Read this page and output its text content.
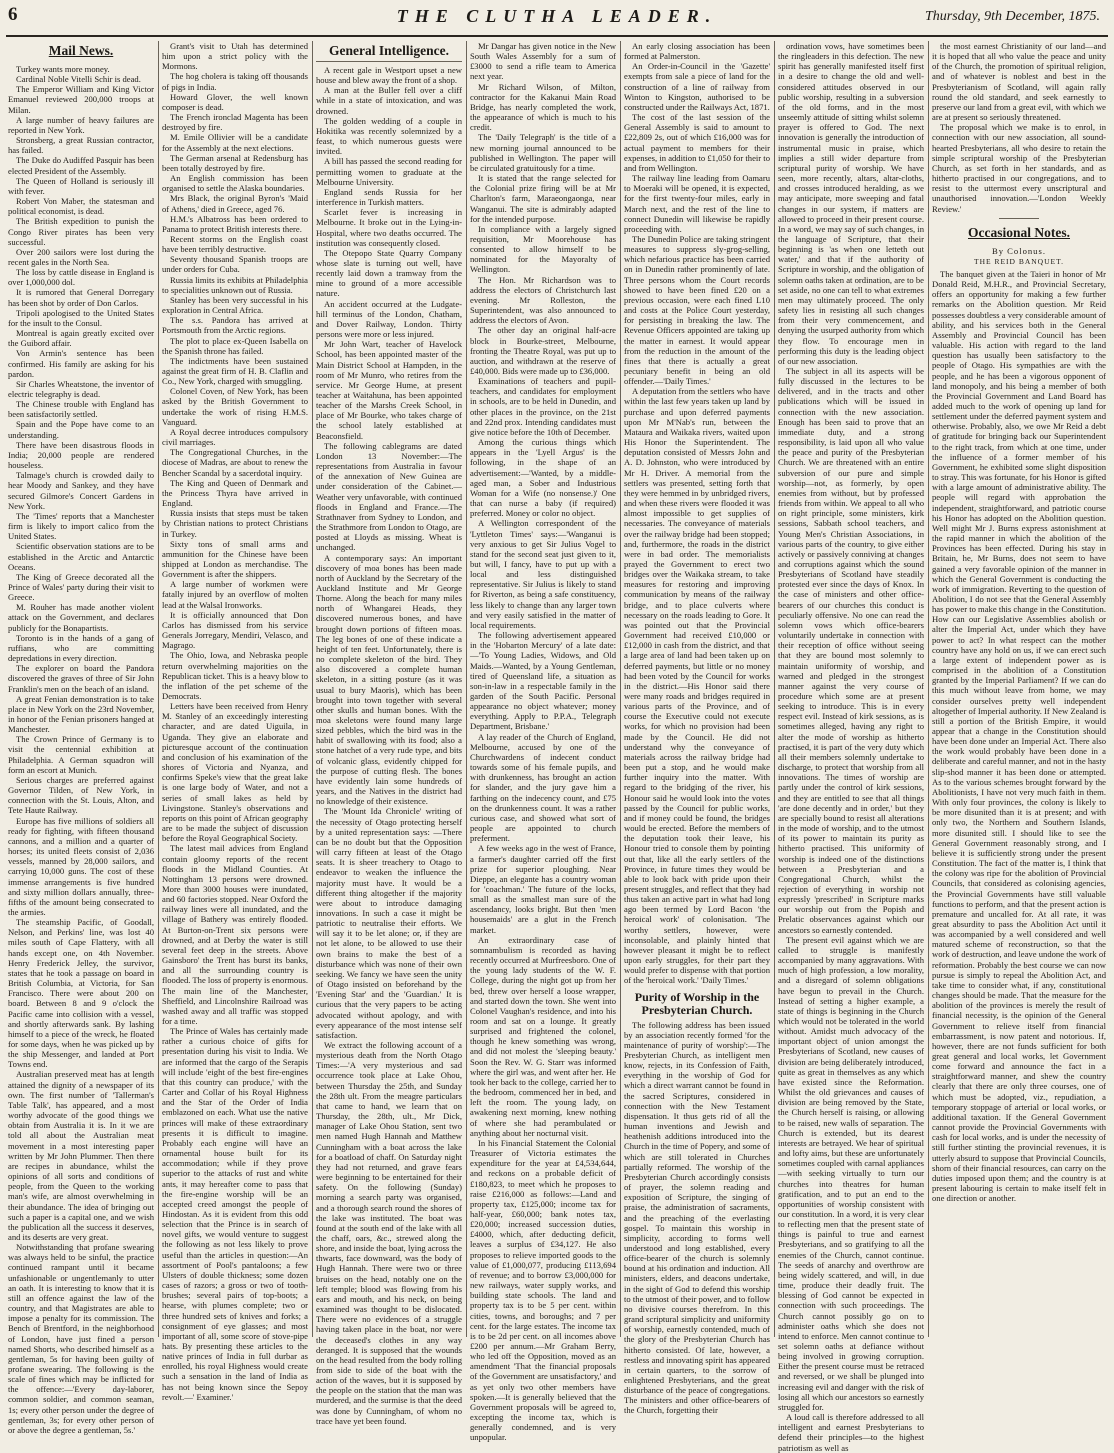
6	THE CLUTHA LEADER.	Thursday, 9th December, 1875.
Mail News.

Turkey wants more money.

Cardinal Noble Vitelli Schir is dead.

The Emperor William and King Victor Emanuel reviewed 200,000 troops at Milan.

A large number of heavy failures are reported in New York.

Stronsberg, a great Russian contractor, has failed.

The Duke do Audiffed Pasquir has been elected President of the Assembly.

The Queen of Holland is seriously ill with fever.

Robert Von Maber, the statesman and political economist, is dead.

The British expedition to punish the Congo River pirates has been very successful.

Over 200 sailors were lost during the recent gales in the North Sea.

The loss by cattle disease in England is over 1,000,000 dol.

It is rumored that General Dorregary has been shot by order of Don Carlos.

Tripoli apologised to the United States for the insult to the Consul.

Montreal is again greatly excited over the Guibord affair.

Von Armin's sentence has been confirmed. His family are asking for his pardon.

Sir Charles Wheatstone, the inventor of electric telegraphy is dead.

The Chinese trouble with England has been satisfactorily settled.

Spain and the Pope have come to an understanding.

There have been disastrous floods in India; 20,000 people are rendered houseless.

Talmage's church is crowded daily to hear Moody and Sankey, and they have secured Gilmore's Concert Gardens in New York.

The 'Times' reports that a Manchester firm is likely to import calico from the United States.

Scientific observation stations are to be established in the Arctic and Antarctic Oceans.

The King of Greece decorated all the Prince of Wales' party during their visit to Greece.

M. Rouher has made another violent attack on the Government, and declares publicly for the Bonapartists.

Toronto is in the hands of a gang of ruffians, who are committing depredations in every direction.

The explorer on board the Pandora discovered the graves of three of Sir John Franklin's men on the beach of an island.

A great Fenian demonstration is to take place in New York on the 23rd November, in honor of the Fenian prisoners hanged at Manchester.

The Crown Prince of Germany is to visit the centennial exhibition at Philadelphia. A German squadron will form an escort at Munich.

Serious charges are preferred against Governor Tilden, of New York, in connection with the St. Louis, Alton, and Tete Haute Railway.

Europe has five millions of soldiers all ready for fighting, with fifteen thousand cannons, and a million and a quarter of horses; its united fleets consist of 2,036 vessels, manned by 28,000 sailors, and carrying 10,000 guns. The cost of these immense arrangements is five hundred and sixty million dollars annually, three-fifths of the amount being consecrated to the armies.

The steamship Pacific, of Goodall, Nelson, and Perkins' line, was lost 40 miles south of Cape Flattery, with all hands except one, on 4th November. Henry Frederick Jelley, the survivor, states that he took a passage on board in British Columbia, at Victoria, for San Francisco. There were about 200 on board. Between 8 and 9 o'clock the Pacific came into collision with a vessel, and shortly afterwards sank. By lashing himself to a piece of the wreck, he floated for some days, when he was picked up by the ship Messenger, and landed at Port Towns end.

Australian preserved meat has at length attained the dignity of a newspaper of its own. The first number of 'Tallerman's Table Talk', has appeared, and a most worthy advocate of the good things we obtain from Australia it is. In it we are told all about the Australian meat movement in a most interesting paper written by Mr John Plummer. Then there are recipes in abundance, whilst the opinions of all sorts and conditions of people, from the Queen to the working man's wife, are almost overwhelming in their abundance. The idea of bringing out such a paper is a capital one, and we wish the publication all the success it deserves, and its deserts are very great.

Notwithstanding that profane swearing was always held to be sinful, the practice continued rampant until it became unfashionable or ungentlemanly to utter an oath. It is interesting to know that it is still an offence against the law of the country, and that Magistrates are able to impose a penalty for its commission. The Bench of Brentford, in the neighborhood of London, have just fined a person named Shorts, who described himself as a gentleman, 5s for having been guilty of profane swearing. The following is the scale of fines which may be inflicted for the offence:—'Every day-laborer, common soldier, and common seaman, 1s; every other person under the degree of gentleman, 3s; for every other person of or above the degree a gentleman, 5s.'

Grant's visit to Utah has determined him upon a strict policy with the Mormons.

The hog cholera is taking off thousands of pigs in India.

Howard Glover, the well known composer is dead.

The French ironclad Magenta has been destroyed by fire.

M. Emile Ollivier will be a candidate for the Assembly at the next elections.

The German arsenal at Redensburg has been totally destroyed by fire.

An English commission has been organised to settle the Alaska boundaries.

Mrs Black, the original Byron's 'Maid of Athens,' died in Greece, aged 76.

H.M.'s Albatross has been ordered to Panama to protect British interests there.

Recent storms on the English coast have been terribly destructive.

Seventy thousand Spanish troops are under orders for Cuba.

Russia limits its exhibits at Philadelphia to specialities unknown out of Russia.

Stanley has been very successful in his exploration in Central Africa.

The s.s. Pandora has arrived at Portsmouth from the Arctic regions.

The plot to place ex-Queen Isabella on the Spanish throne has failed.

The indictments have been sustained against the great firm of H. B. Claflin and Co., New York, charged with smuggling.

Colonel Coven, of New York, has been asked by the British Government to undertake the work of rising H.M.S. Vanguard.

A Royal decree introduces compulsory civil marriages.

The Congregational Churches, in the diocese of Madras, are about to renew the Bencher Scandal by a sacerdotal inquiry.

The King and Queen of Denmark and the Princess Thyra have arrived in England.

Russia insists that steps must be taken by Christian nations to protect Christians in Turkey.

Sixty tons of small arms and ammunition for the Chinese have been shipped at London as merchandise. The Government is after the shippers.

A large number of workmen were fatally injured by an overflow of molten lead at the Walsal Ironworks.

It is officially announced that Don Carlos has dismissed from his service Generals Jorregary, Mendiri, Velasco, and Magrago.

The Ohio, Iowa, and Nebraska people return overwhelming majorities on the Republican ticket. This is a heavy blow to the inflation of the pet scheme of the Democrats.

Letters have been received from Henry M. Stanley of an exceedingly interesting character, and are dated Uiguila, in Uganda. They give an elaborate and picturesque account of the continuation and conclusion of his examination of the shores of Victoria and Nyanza, and confirms Speke's view that the great lake is one large body of Water, and not a series of small lakes as held by Livingstone. Stanley's observations and reports on this point of African geography are to be made the subject of discussion before the Royal Geographical Society.

The latest mail advices from England contain gloomy reports of the recent floods in the Midland Counties. At Nottingham 13 persons were drowned. More than 3000 houses were inundated, and 60 factories stopped. Near Oxford the railway lines were all inundated, and the village of Bathery was entirely flooded. At Burton-on-Trent six persons were drowned, and at Derby the water is still several feet deep in the streets. Above Gainsboro' the Trent has burst its banks, and all the surrounding country is flooded. The loss of property is enormous. The main line of the Manchester, Sheffield, and Lincolnshire Railroad was washed away and all traffic was stopped for a time.

The Prince of Wales has certainly made rather a curious choice of gifts for presentation during his visit to India. We are informed that the cargo of the Serapis will include 'eight of the best fire-engines that this country can produce,' with the Carter and Collar of his Royal Highness and the Star of the Order of India emblazoned on each. What use the native princes will make of these extraordinary presents it is difficult to imagine. Probably each engine will have an ornamental house built for its accommodation; while if they prove superior to the attacks of rust and white ants, it may hereafter come to pass that the fire-engine worship will be an accepted creed amongst the people of Hindostan. As it is evident from this odd selection that the Prince is in search of novel gifts, we would venture to suggest the following as not less likely to prove useful than the articles in question:—An assortment of Pool's pantaloons; a few Ulsters of double thickness; some dozen cases of razors; a gross or two of tooth-brushes; several pairs of top-boots; a hearse, with plumes complete; two or three hundred sets of knives and forks; a consignment of eye glasses; and most important of all, some score of stove-pipe hats. By presenting these articles to the native princes of India in full durbar as enrolled, his royal Highness would create such a sensation in the land of India as has not being known since the Sepoy revolt.—' Examiner.'

General Intelligence.

A recent gale in Westport upset a new house and blew away the front of a shop.

A man at the Buller fell over a cliff while in a state of intoxication, and was drowned.

The golden wedding of a couple in Hokitika was recently solemnized by a feast, to which numerous guests were invited.

A bill has passed the second reading for permitting women to graduate at the Melbourne University.

England sends Russia for her interference in Turkish matters.

Scarlet fever is increasing in Melbourne. It broke out in the Lying-in-Hospital, where two deaths occurred. The institution was consequently closed.

The Otepopo State Quarry Company whose slate is turning out well, have recently laid down a tramway from the mine to ground of a more accessible nature.

An accident occurred at the Ludgate-hill terminus of the London, Chatham, and Dover Railway, London. Thirty persons were more or less injured.

Mr John Wart, teacher of Havelock School, has been appointed master of the Main District School at Hampden, in the room of Mr Munro, who retires from the service. Mr George Hume, at present teacher at Waitahuna, has been appointed teacher of the Marshs Creek School, in place of Mr Bourke, who takes charge of the school lately established at Beaconsfield.

The following cablegrams are dated London 13 November:—The representations from Australia in favour of the annexation of New Guinea are under consideration of the Cabinet.—Weather very unfavorable, with continued floods in England and France.—The Strathnaver from Sydney to London, and the Strathmore from London to Otago, are posted at Lloyds as missing. Wheat is unchanged.

A contemporary says: An important discovery of moa bones has been made north of Auckland by the Secretary of the Auckland Institute and Mr George Thorne. Along the beach for many miles north of Whangarei Heads, they discovered numerous bones, and have brought down portions of fifteen moas. The leg bones of one of these indicate a height of ten feet. Unfortunately, there is no complete skeleton of the bird. They also discovered a complete human skeleton, in a sitting posture (as it was usual to bury Maoris), which has been brought into town together with several other skulls and human bones. With the moa skeletons were found many large sized pebbles, which the bird was in the habit of swallowing with its food; also a stone hatchet of a very rude type, and bits of volcanic glass, evidently chipped for the purpose of cutting flesh. The bones have evidently lain some hundreds of years, and the Natives in the district had no knowledge of their existence.

The 'Mount Ida Chronicle' writing of the necessity of Otago protecting herself by a united representation says: —There can be no doubt but that the Opposition will carry fifteen at least of the Otago seats. It is sheer treachery to Otago to endeavor to weaken the influence the majority must have. It would be a different thing altogether if the majority were about to introduce damaging innovations. In such a case it might be patriotic to neutralise their efforts. We will say it to be let alone; or, if they are not let alone, to be allowed to use their own brains to make the best of a disturbance which was none of their own seeking. We fancy we have seen the unity of Otago insisted on beforehand by the 'Evening Star' and the 'Guardian.' It is curious that the very papers to be acting advocated without apology, and with every appearance of the most intense self satisfaction.

We extract the following account of a mysterious death from the North Otago Times:—'A very mysterious and sad occurrence took place at Lake Ohou, between Thursday the 25th, and Sunday the 28th ult. From the meagre particulars that came to hand, we learn that on Thursday, the 28th, ult., Mr Dick, manager of Lake Ohou Station, sent two men named Hugh Hannah and Matthew Cunningham with a boat across the lake for a boatload of chaff. On Saturday night they had not returned, and grave fears were beginning to be entertained for their safety. On the following (Sunday) morning a search party was organised, and a thorough search round the shores of the lake was instituted. The boat was found at the south end of the lake with all the chaff, oars, &c., strewed along the shore, and inside the boat, lying across the thwarts, face downward, was the body of Hugh Hannah. There were two or three bruises on the head, notably one on the left temple; blood was flowing from his ears and mouth, and his neck, on being examined was thought to be dislocated. There were no evidences of a struggle having taken place in the boat, nor were the deceased's clothes in any way deranged. It is supposed that the wounds on the head resulted from the body rolling from side to side of the boat with the action of the waves, but it is supposed by the people on the station that the man was murdered, and the surmise is that the deed was done by Cunningham, of whom no trace have yet been found.

Mr Dangar has given notice in the New South Wales Assembly for a sum of £3000 to send a rifle team to America next year.

Mr Richard Wilson, of Milton, contractor for the Kakanui Main Road Bridge, has nearly completed the work, the appearance of which is much to his credit.

The 'Daily Telegraph' is the title of a new morning journal announced to be published in Wellington. The paper will be circulated gratuitously for a time.

It is stated that the range selected for the Colonial prize firing will be at Mr Charlton's farm, Maraeongaonga, near Wanganui. The site is admirably adapted for the intended purpose.

In compliance with a largely signed requisition, Mr Moorehouse has consented to allow himself to be nominated for the Mayoralty of Wellington.

The Hon. Mr Richardson was to address the electors of Christchurch last evening. Mr Rolleston, the Superintendent, was also announced to address the electors of Avon.

The other day an original half-acre block in Bourke-street, Melbourne, fronting the Theatre Royal, was put up to auction, and withdrawn at the reserve of £40,000. Bids were made up to £36,000.

Examinations of teachers and pupil-teachers, and candidates for employment in schools, are to be held in Dunedin, and other places in the province, on the 21st and 22nd prox. Intending candidates must give notice before the 10th of December.

Among the curious things which appears in the 'Lyell Argus' is the following, in the shape of an advertisement:—'Wanted, by a middle-aged man, a Sober and Industrious Woman for a Wife (no nonsense.)' One that can nurse a baby (if required) preferred. Money or color no object.

A Wellington correspondent of the 'Lyttleton Times' says:—'Wanganui is very anxious to get Sir Julius Vogel to stand for the second seat just given to it, but will, I fancy, have to put up with a local and less distinguished representative. Sir Julius is likely to stand for Riverton, as being a safe constituency, less likely to change than any larger town and very easily satisfied in the matter of local requirements.

The following advertisement appeared in the 'Hobarton Mercury' of a late date:—'To Young Ladies, Widows, and Old Maids.—Wanted, by a Young Gentleman, tired of Queensland life, a situation as son-in-law in a respectable family in the garden of the South Pacific. Personal appearance no object whatever; money everything. Apply to P.P.A., Telegraph Department, Brisbane.'

A lay reader of the Church of England, Melbourne, accused by one of the Churchwardens of indecent conduct towards some of his female pupils, and with drunkenness, has brought an action for slander, and the jury gave him a farthing on the indecency count, and £75 on the drunkenness count. It was a rather curious case, and showed what sort of people are appointed to church preferment.

A few weeks ago in the west of France, a farmer's daughter carried off the first prize for superior ploughing. Near Dieppe, an elegante has a country woman for 'coachman.' The future of the locks, small as the smallest man sure of the ascendancy, looks bright. But then 'men housemaids' are a glut in the French market.

An extraordinary case of somnambulism is recorded as having recently occurred at Murfreesboro. One of the young lady students of the W. F. College, during the night got up from her bed, threw over herself a loose wrapper, and started down the town. She went into Colonel Vaughan's residence, and into his room and sat on a lounge. It greatly surprised and frightened the colonel, though he knew something was wrong, and did not molest the 'sleeping beauty.' Soon the Rev. W. G. Starr was informed where the girl was, and went after her. He took her back to the college, carried her to the bedroom, commenced her in bed, and left the room. The young lady, on awakening next morning, knew nothing of where she had perambulated or anything about her nocturnal visit.

In his Financial Statement the Colonial Treasurer of Victoria estimates the expenditure for the year at £4,534,644, and reckons on a probable deficit of £180,823, to meet which he proposes to raise £216,000 as follows:—Land and property tax, £125,000; income tax for half-year, £60,000; bank notes tax, £20,000; increased succession duties, £4000, which, after deducting deficit, leaves a surplus of £34,127. He also proposes to relieve imported goods to the value of £1,000,077, producing £113,694 of revenue; and to borrow £3,000,000 for new railways, water supply works, and building state schools. The land and property tax is to be 5 per cent. within cities, towns, and boroughs; and 7 per cent. for the large estates. The income tax is to be 2d per cent. on all incomes above £200 per annum.—Mr Graham Berry, who led off the Opposition, moved as an amendment 'That the financial proposals of the Government are unsatisfactory,' and as yet only two other members have spoken.—It is generally believed that the Government proposals will be agreed to, excepting the income tax, which is generally condemned, and is very unpopular.

An early closing association has been formed at Palmerston.

An Order-in-Council in the 'Gazette' exempts from sale a piece of land for the construction of a line of railway from Winton to Kingston, authorised to be constructed under the Railways Act, 1871.

The cost of the last session of the General Assembly is said to amount to £22,809 2s, out of which £16,000 was for actual payment to members for their expenses, in addition to £1,050 for their to and from Wellington.

The railway line leading from Oamaru to Moeraki will be opened, it is expected, for the first twenty-four miles, early in March next, and the rest of the line to connect Dunedin will likewise be rapidly proceeding with.

The Dunedin Police are taking stringent measures to suppress sly-grog-selling, which nefarious practice has been carried on in Dunedin rather prominently of late. Three persons whom the Court records showed to have been fined £20 on a previous occasion, were each fined L10 and costs at the Police Court yesterday, for persisting in breaking the law. The Revenue Officers appointed are taking up the matter in earnest. It would appear from the reduction in the amount of the fines that there is actually a great pecuniary benefit in being an old offender.—'Daily Times.'

A deputation from the settlers who have within the last few years taken up land by purchase and upon deferred payments upon Mr M'Nab's run, between the Mataura and Waikaka rivers, waited upon His Honor the Superintendent. The deputation consisted of Messrs John and A. D. Johnston, who were introduced by Mr H. Driver. A memorial from the settlers was presented, setting forth that they were hemmed in by unbridged rivers, and when these rivers were flooded it was almost impossible to get supplies of necessaries. The conveyance of materials over the railway bridge had been stopped; and, furthermore, the roads in the district were in bad order. The memorialists prayed the Government to erect two bridges over the Waikaka stream, to take measures for restoring and improving communication by means of the railway bridge, and to place culverts where necessary on the roads leading to Gore. It was pointed out that the Provincial Government had received £10,000 or £12,000 in cash from the district, and that a large area of land had been taken up on deferred payments, but little or no money had been voted by the Council for works in the district.—His Honor said there were many roads and bridges required in various parts of the Province, and of course the Executive could not execute works, for which no provision had been made by the Council. He did not understand why the conveyance of materials across the railway bridge had been put a stop, and he would make further inquiry into the matter. With regard to the bridging of the river, his Honour said he would look into the votes passed by the Council for public works, and if money could be found, the bridges would be erected. Before the members of the deputation took their leave, his Honour tried to console them by pointing out that, like all the early settlers of the Province, in future times they would be able to look back with pride upon their present struggles, and reflect that they had thus taken an active part in what had long ago been termed by Lord Bacon 'the heroical work' of colonisation. 'The worthy settlers, however, were inconsolable, and plainly hinted that however pleasant it might be to reflect upon early struggles, for their part they would prefer to dispense with that portion of the 'heroical work.' 'Daily Times.'

Purity of Worship in the Presbyterian Church.

The following address has been issued by an association recently formed 'for the maintenance of purity of worship':—The Presbyterian Church, as intelligent men know, rejects, in its Confession of Faith, everything in the worship of God for which a direct warrant cannot be found in the sacred Scriptures, considered in connection with the New Testament dispensation. It thus gets rid of all the human inventions and Jewish and heathenish additions introduced into the Church in the time of Popery, and some of which are still tolerated in Churches partially reformed. The worship of the Presbyterian Church accordingly consists of prayer, the solemn reading and exposition of Scripture, the singing of praise, the administration of sacraments, and the preaching of the everlasting gospel. To maintain this worship in simplicity, according to forms well understood and long established, every office-bearer of the church is solemnly bound at his ordination and induction. All ministers, elders, and deacons undertake, in the sight of God to defend this worship to the utmost of their power, and to follow no divisive courses therefrom. In this grand scriptural simplicity and uniformity of worship, earnestly contended, much of the glory of the Presbyterian Church has hitherto consisted. Of late, however, a restless and innovating spirit has appeared in certain quarters, to the sorrow of enlightened Presbyterians, and the great disturbance of the peace of congregations. The ministers and other office-bearers of the Church, forgetting their

ordination vows, have sometimes been the ringleaders in this defection. The new spirit has generally manifested itself first in a desire to change the old and well-considered attitudes observed in our public worship, resulting in a subversion of the old forms, and in the most unseemly attitude of sitting whilst solemn prayer is offered to God. The next innovation is generally the introduction of instrumental music in praise, which implies a still wider departure from scriptural purity of worship. We have seen, more recently, altars, altar-cloths, and crosses introduced heralding, as we may anticipate, more sweeping and fatal changes in our system, if matters are allowed to proceed in their present course. In a word, we may say of such changes, in the language of Scripture, that their beginning is 'as when one letteth out water,' and that if the authority of Scripture in worship, and the obligation of solemn oaths taken at ordination, are to be set aside, no one can tell to what extremes men may ultimately proceed. The only safety lies in resisting all such changes from their very commencement, and denying the usurped authority from which they flow. To encourage men in performing this duty is the leading object of our new association.

The subject in all its aspects will be fully discussed in the lectures to be delivered, and in the tracts and other publications which will be issued in connection with the new association. Enough has been said to prove that an immediate duty, and a strong responsibility, is laid upon all who value the peace and purity of the Presbyterian Church. We are threatened with an entire subversion of our pure and simple worship—not, as formerly, by open enemies from without, but by professed friends from within. We appeal to all who on right principle, some ministers, kirk sessions, Sabbath school teachers, and Young Men's Christian Associations, in various parts of the country, to give either actively or passively conniving at changes and corruptions against which the sound Presbyterians of Scotland have steadily protested ever since the days of Knox. In the case of ministers and other office-bearers of our churches this conduct is peculiarly offensive. No one can read the solemn vows which office-bearers voluntarily undertake in connection with their reception of office without seeing that they are bound most solemnly to maintain uniformity of worship, and warned and pledged in the strongest manner against the very course of procedure which some are at present seeking to introduce. This is in every respect evil. Instead of kirk sessions, as is sometimes alleged, having any right to alter the mode of worship as hitherto practised, it is part of the very duty which all their members solemnly undertake to discharge, to protect that worship from all innovations. The times of worship are partly under the control of kirk sessions, and they are entitled to see that all things 'are done decently and in order,' but they are specially bound to resist all alterations in the mode of worship, and to the utmost of its power to maintain its purity as hitherto practised. This uniformity of worship is indeed one of the distinctions between a Presbyterian and a Congregational Church, whilst the rejection of everything in worship not expressly 'prescribed' in Scripture marks our worship out from the Popish and Prelatic observances against which our ancestors so earnestly contended.

The present evil against which we are called to struggle is manifestly accompanied by many aggravations. With much of high profession, a low morality, and a disregard of solemn obligations have begun to prevail in the Church. Instead of setting a higher example, a state of things is beginning in the Church which would not be tolerated in the world without. Amidst much advocacy of the important object of union amongst the Presbyterians of Scotland, new causes of division are being deliberately introduced, quite as great in themselves as any which have existed since the Reformation. Whilst the old grievances and causes of division are being removed by the State, the Church herself is raising, or allowing to be raised, new walls of separation. The Church is extended, but its dearest interests are betrayed. We hear of spiritual and lofty aims, but these are unfortunately sometimes coupled with carnal appliances—with seeking virtually to turn our churches into theatres for human gratification, and to put an end to the opportunities of worship consistent with our constitution. In a word, it is very clear to reflecting men that the present state of things is painful to true and earnest Presbyterians, and so gratifying to all the enemies of the Church, cannot continue. The seeds of anarchy and overthrow are being widely scattered, and will, in due time, produce their deadly fruit. The blessing of God cannot be expected in connection with such proceedings. The Church cannot possibly go on to administer oaths which she does not intend to enforce. Men cannot continue to set solemn oaths at defiance without being involved in growing corruption. Either the present course must be retraced and reversed, or we shall be plunged into increasing evil and danger with the risk of losing all which our ancestors so earnestly struggled for.

A loud call is therefore addressed to all intelligent and earnest Presbyterians to defend their principles—to the highest patriotism as well as

the most earnest Christianity of our land—and it is hoped that all who value the peace and unity of the Church, the promotion of spiritual religion, and of whatever is noblest and best in the Presbyterianism of Scotland, will again rally round the old standard, and seek earnestly to preserve our land from a great evil, with which we are at present so seriously threatened.

The proposal which we make is to enrol, in connection with our new association, all sound-hearted Presbyterians, all who desire to retain the simple scriptural worship of the Presbyterian Church, as set forth in her standards, and as hitherto practised in our congregations, and to resist to the uttermost every unscriptural and unauthorised innovation.—'London Weekly Review.'

Occasional Notes.
By Colonus.
THE REID BANQUET.

The banquet given at the Taieri in honor of Mr Donald Reid, M.H.R., and Provincial Secretary, offers an opportunity for making a few further remarks on the Abolition question. Mr Reid possesses doubtless a very considerable amount of ability, and his services both in the General Assembly and Provincial Council has been valuable. His action with regard to the land question has usually been satisfactory to the people of Otago. His sympathies are with the people, and he has been a vigorous opponent of land monopoly, and his being a member of both the Provincial Government and Land Board has added much to the work of opening up land for settlement under the deferred payment system and otherwise. Probably, also, we owe Mr Reid a debt of gratitude for bringing back our Superintendent to the right track, from which at one time, under the influence of a former member of his Government, he exhibited some slight disposition to stray. This was fortunate, for his Honor is gifted with a large amount of administrative ability. The people will regard with approbation the independent, straightforward, and patriotic course his Honor has adopted on the Abolition question. Well might Mr J. Burns express astonishment at the rapid manner in which the abolition of the Provinces has been effected. During his stay in Britain, he, Mr Burns, does not seem to have gained a very favorable opinion of the manner in which the General Government is conducting the work of immigration. Reverting to the question of Abolition, I do not see that the General Assembly has power to make this change in the Constitution. How can our Legislative Assemblies abolish or alter the Imperial Act, under which they have power to act? In what respect can the mother country have any hold on us, if we can erect such a large extent of independent power as is comprised in the abolition of a Constitution granted by the Imperial Parliament? If we can do this much without leave from home, we may consider ourselves pretty well independent altogether of Imperial authority. If New Zealand is still a portion of the British Empire, it would appear that a change in the Constitution should have been done under an Imperial Act. There also the work would probably have been done in a deliberate and careful manner, and not in the hasty slip-shod manner it has been done or attempted. As to the various schemes brought forward by the Abolitionists, I have not very much faith in them. With only four provinces, the colony is likely to be more disunited than it is at present; and with only two, the Northern and Southern Islands, more disunited still. I should like to see the General Government reasonably strong, and I believe it is sufficiently strong under the present Constitution. The fact of the matter is, I think that the colony was ripe for the abolition of Provincial Councils, that considered as colonising agencies, the Provincial Governments have still valuable functions to perform, and that the present action is premature and uncalled for. At all rate, it was great absurdity to pass the Abolition Act until it was accompanied by a well considered and well matured scheme of reconstruction, so that the work of destruction, and leave undone the work of reformation. Probably the best course we can now pursue is simply to repeal the Abolition Act, and take time to consider what, if any, constitutional changes should be made. That the measure for the abolition of the provinces is merely the result of financial necessity, is the opinion of the General Government to relieve itself from financial embarrassment, is now patent and notorious. If, however, there are not funds sufficient for both great general and local works, let Government come forward and announce the fact in a straightforward manner, and shew the country clearly that there are only three courses, one of which must be adopted, viz., repudiation, a temporary stoppage of arterial or local works, or additional taxation. If the General Government cannot provide the Provincial Governments with cash for local works, and is under the necessity of still further stinting the provincial revenues, it is utterly absurd to suppose that Provincial Councils, shorn of their financial resources, can carry on the duties imposed upon them; and the country is at present labouring is certain to make itself felt in one direction or another.
